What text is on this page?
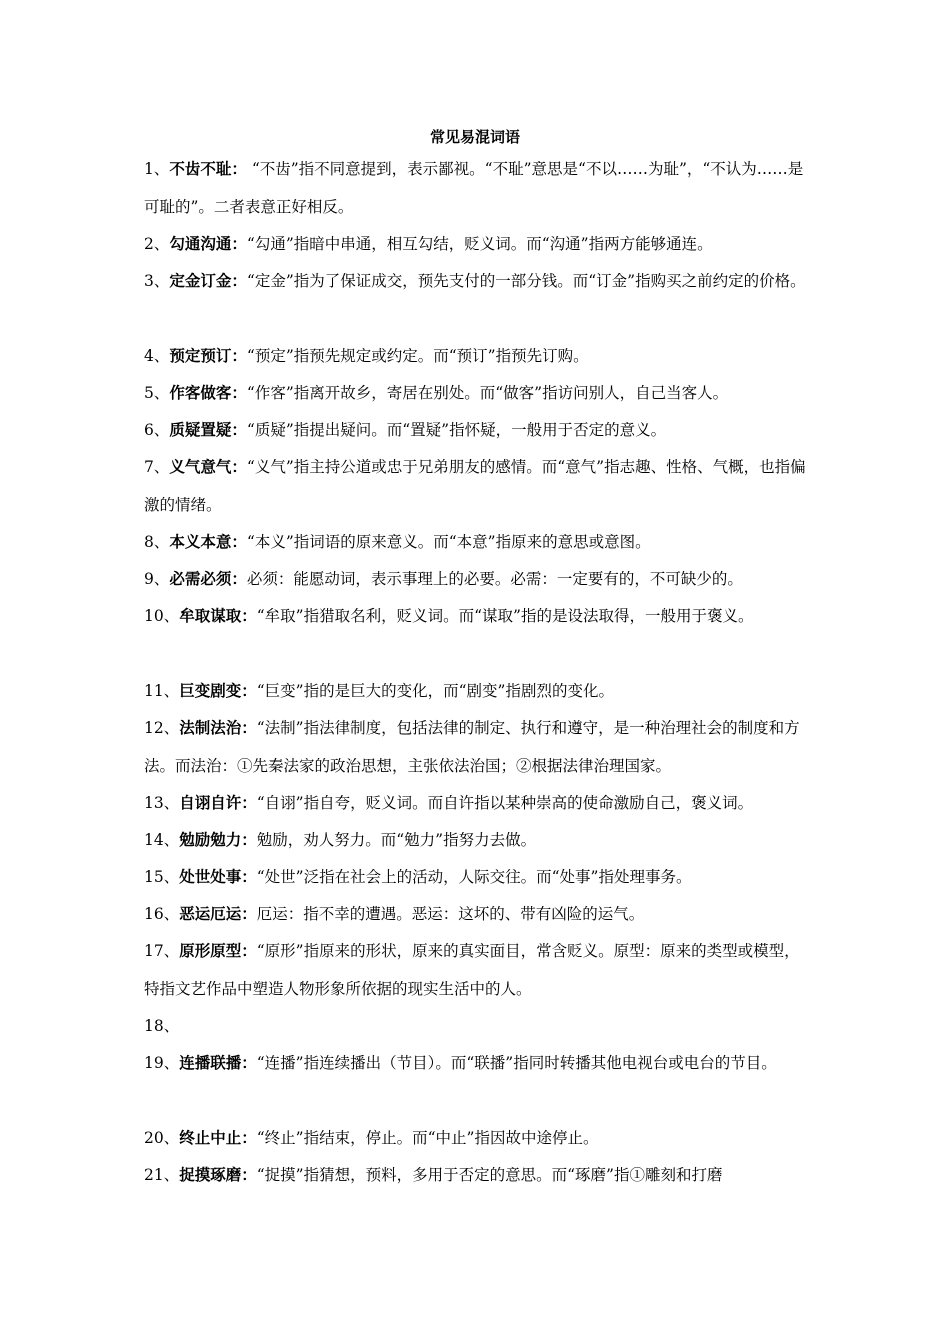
常见易混词语

1、不齿不耻： “不齿”指不同意提到，表示鄙视。“不耻”意思是“不以……为耻”，“不认为……是可耻的”。二者表意正好相反。

2、勾通沟通：“勾通”指暗中串通，相互勾结，贬义词。而“沟通”指两方能够通连。

3、定金订金：“定金”指为了保证成交，预先支付的一部分钱。而“订金”指购买之前约定的价格。

4、预定预订：“预定”指预先规定或约定。而“预订”指预先订购。

5、作客做客：“作客”指离开故乡，寄居在别处。而“做客”指访问别人，自己当客人。

6、质疑置疑：“质疑”指提出疑问。而“置疑”指怀疑，一般用于否定的意义。

7、义气意气：“义气”指主持公道或忠于兄弟朋友的感情。而“意气”指志趣、性格、气概，也指偏激的情绪。

8、本义本意：“本义”指词语的原来意义。而“本意”指原来的意思或意图。

9、必需必须：必须：能愿动词，表示事理上的必要。必需：一定要有的，不可缺少的。

10、牟取谋取：“牟取”指猎取名利，贬义词。而“谋取”指的是设法取得，一般用于褒义。

11、巨变剧变：“巨变”指的是巨大的变化，而“剧变”指剧烈的变化。

12、法制法治：“法制”指法律制度，包括法律的制定、执行和遵守，是一种治理社会的制度和方法。而法治：①先秦法家的政治思想，主张依法治国；②根据法律治理国家。

13、自诩自许：“自诩”指自夸，贬义词。而自许指以某种崇高的使命激励自己，褒义词。

14、勉励勉力：勉励，劝人努力。而“勉力”指努力去做。

15、处世处事：“处世”泛指在社会上的活动，人际交往。而“处事”指处理事务。

16、恶运厄运：厄运：指不幸的遭遇。恶运：这坏的、带有凶险的运气。

17、原形原型：“原形”指原来的形状，原来的真实面目，常含贬义。原型：原来的类型或模型，特指文艺作品中塑造人物形象所依据的现实生活中的人。

18、

19、连播联播：“连播”指连续播出（节目）。而“联播”指同时转播其他电视台或电台的节目。

20、终止中止：“终止”指结束，停止。而“中止”指因故中途停止。

21、捉摸琢磨：“捉摸”指猜想，预料，多用于否定的意思。而“琢磨”指①雕刻和打磨
